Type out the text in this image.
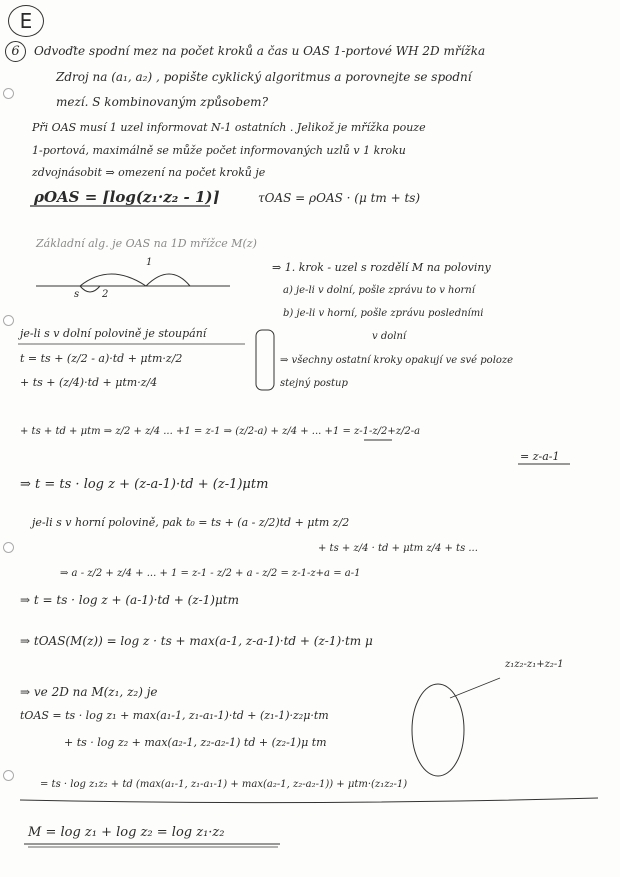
E
6	Odvoďte spodní mez na počet kroků a čas u OAS 1-portové WH 2D mřížka
Zdroj na (a₁, a₂) , popište cyklický algoritmus a porovnejte se spodní
mezí. S kombinovaným způsobem?
Při OAS musí 1 uzel informovat N-1 ostatních . Jelikož je mřížka pouze
1-portová, maximálně se může počet informovaných uzlů v 1 kroku
zdvojnásobit ⇒ omezení na počet kroků je
ρOAS = ⌈log(z₁·z₂ - 1)⌉	τOAS = ρOAS · (μ tm + ts)
Základní alg. je OAS na 1D mřížce M(z)
⇒ 1. krok - uzel s rozdělí M na poloviny
a) je-li v dolní, pošle zprávu to v horní
b) je-li v horní, pošle zprávu posledními
v dolní
⇒ všechny ostatní kroky opakují ve své poloze
stejný postup
1
2
s
je-li s v dolní polovině je stoupání
t = ts + (z/2 - a)·td + μtm·z/2
+ ts + (z/4)·td + μtm·z/4
+ ts + td + μtm ⇒ z/2 + z/4 ... +1 = z-1 ⇒ (z/2-a) + z/4 + ... +1 = z-1-z/2+z/2-a
= z-a-1
⇒ t = ts · log z + (z-a-1)·td + (z-1)μtm
je-li s v horní polovině, pak t₀ = ts + (a - z/2)td + μtm z/2
+ ts + z/4 · td + μtm z/4 + ts ...
⇒ a - z/2 + z/4 + ... + 1 = z-1 - z/2 + a - z/2 = z-1-z+a = a-1
⇒ t = ts · log z + (a-1)·td + (z-1)μtm
⇒ tOAS(M(z)) = log z · ts + max(a-1, z-a-1)·td + (z-1)·tm μ
z₁z₂-z₁+z₂-1
⇒ ve 2D na M(z₁, z₂) je
tOAS = ts · log z₁ + max(a₁-1, z₁-a₁-1)·td + (z₁-1)·z₂μ·tm
+ ts · log z₂ + max(a₂-1, z₂-a₂-1) td + (z₂-1)μ tm
= ts · log z₁z₂ + td (max(a₁-1, z₁-a₁-1) + max(a₂-1, z₂-a₂-1)) + μtm·(z₁z₂-1)
M = log z₁ + log z₂ = log z₁·z₂
